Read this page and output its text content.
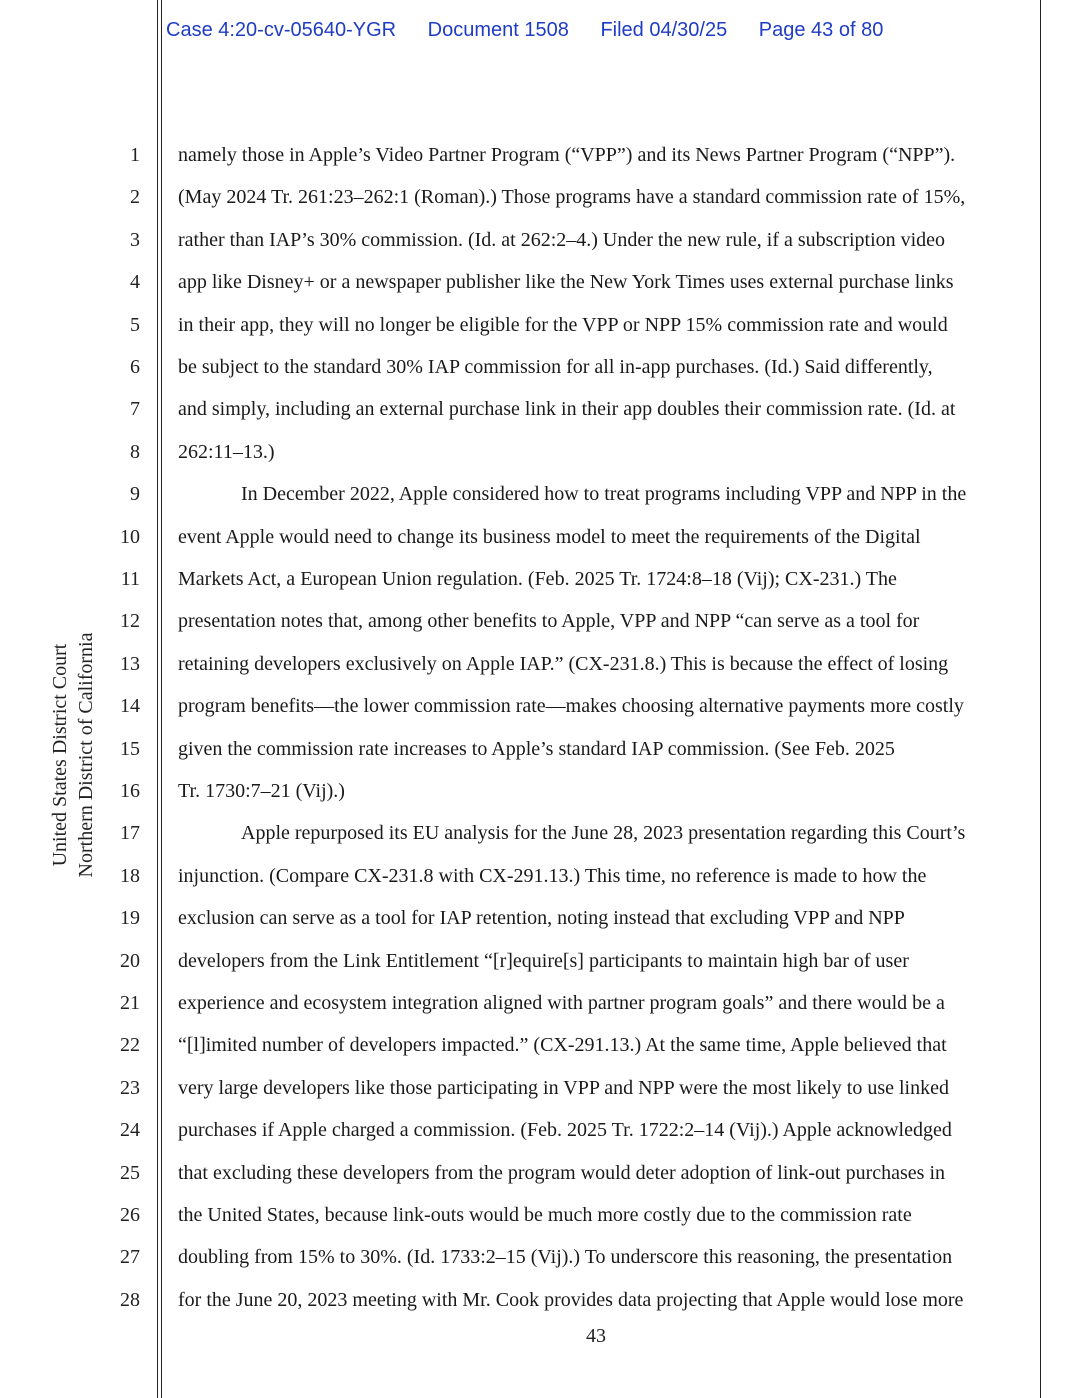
Case 4:20-cv-05640-YGR Document 1508 Filed 04/30/25 Page 43 of 80
United States District Court Northern District of California
1 namely those in Apple’s Video Partner Program (“VPP”) and its News Partner Program (“NPP”).
2 (May 2024 Tr. 261:23–262:1 (Roman).) Those programs have a standard commission rate of 15%,
3 rather than IAP’s 30% commission. (Id. at 262:2–4.) Under the new rule, if a subscription video
4 app like Disney+ or a newspaper publisher like the New York Times uses external purchase links
5 in their app, they will no longer be eligible for the VPP or NPP 15% commission rate and would
6 be subject to the standard 30% IAP commission for all in-app purchases. (Id.) Said differently,
7 and simply, including an external purchase link in their app doubles their commission rate. (Id. at
8 262:11–13.)
9	In December 2022, Apple considered how to treat programs including VPP and NPP in the
10 event Apple would need to change its business model to meet the requirements of the Digital
11 Markets Act, a European Union regulation. (Feb. 2025 Tr. 1724:8–18 (Vij); CX-231.) The
12 presentation notes that, among other benefits to Apple, VPP and NPP “can serve as a tool for
13 retaining developers exclusively on Apple IAP.” (CX-231.8.) This is because the effect of losing
14 program benefits—the lower commission rate—makes choosing alternative payments more costly
15 given the commission rate increases to Apple’s standard IAP commission. (See Feb. 2025
16 Tr. 1730:7–21 (Vij).)
17	Apple repurposed its EU analysis for the June 28, 2023 presentation regarding this Court’s
18 injunction. (Compare CX-231.8 with CX-291.13.) This time, no reference is made to how the
19 exclusion can serve as a tool for IAP retention, noting instead that excluding VPP and NPP
20 developers from the Link Entitlement “[r]equire[s] participants to maintain high bar of user
21 experience and ecosystem integration aligned with partner program goals” and there would be a
22 “[l]imited number of developers impacted.” (CX-291.13.) At the same time, Apple believed that
23 very large developers like those participating in VPP and NPP were the most likely to use linked
24 purchases if Apple charged a commission. (Feb. 2025 Tr. 1722:2–14 (Vij).) Apple acknowledged
25 that excluding these developers from the program would deter adoption of link-out purchases in
26 the United States, because link-outs would be much more costly due to the commission rate
27 doubling from 15% to 30%. (Id. 1733:2–15 (Vij).) To underscore this reasoning, the presentation
28 for the June 20, 2023 meeting with Mr. Cook provides data projecting that Apple would lose more
43
